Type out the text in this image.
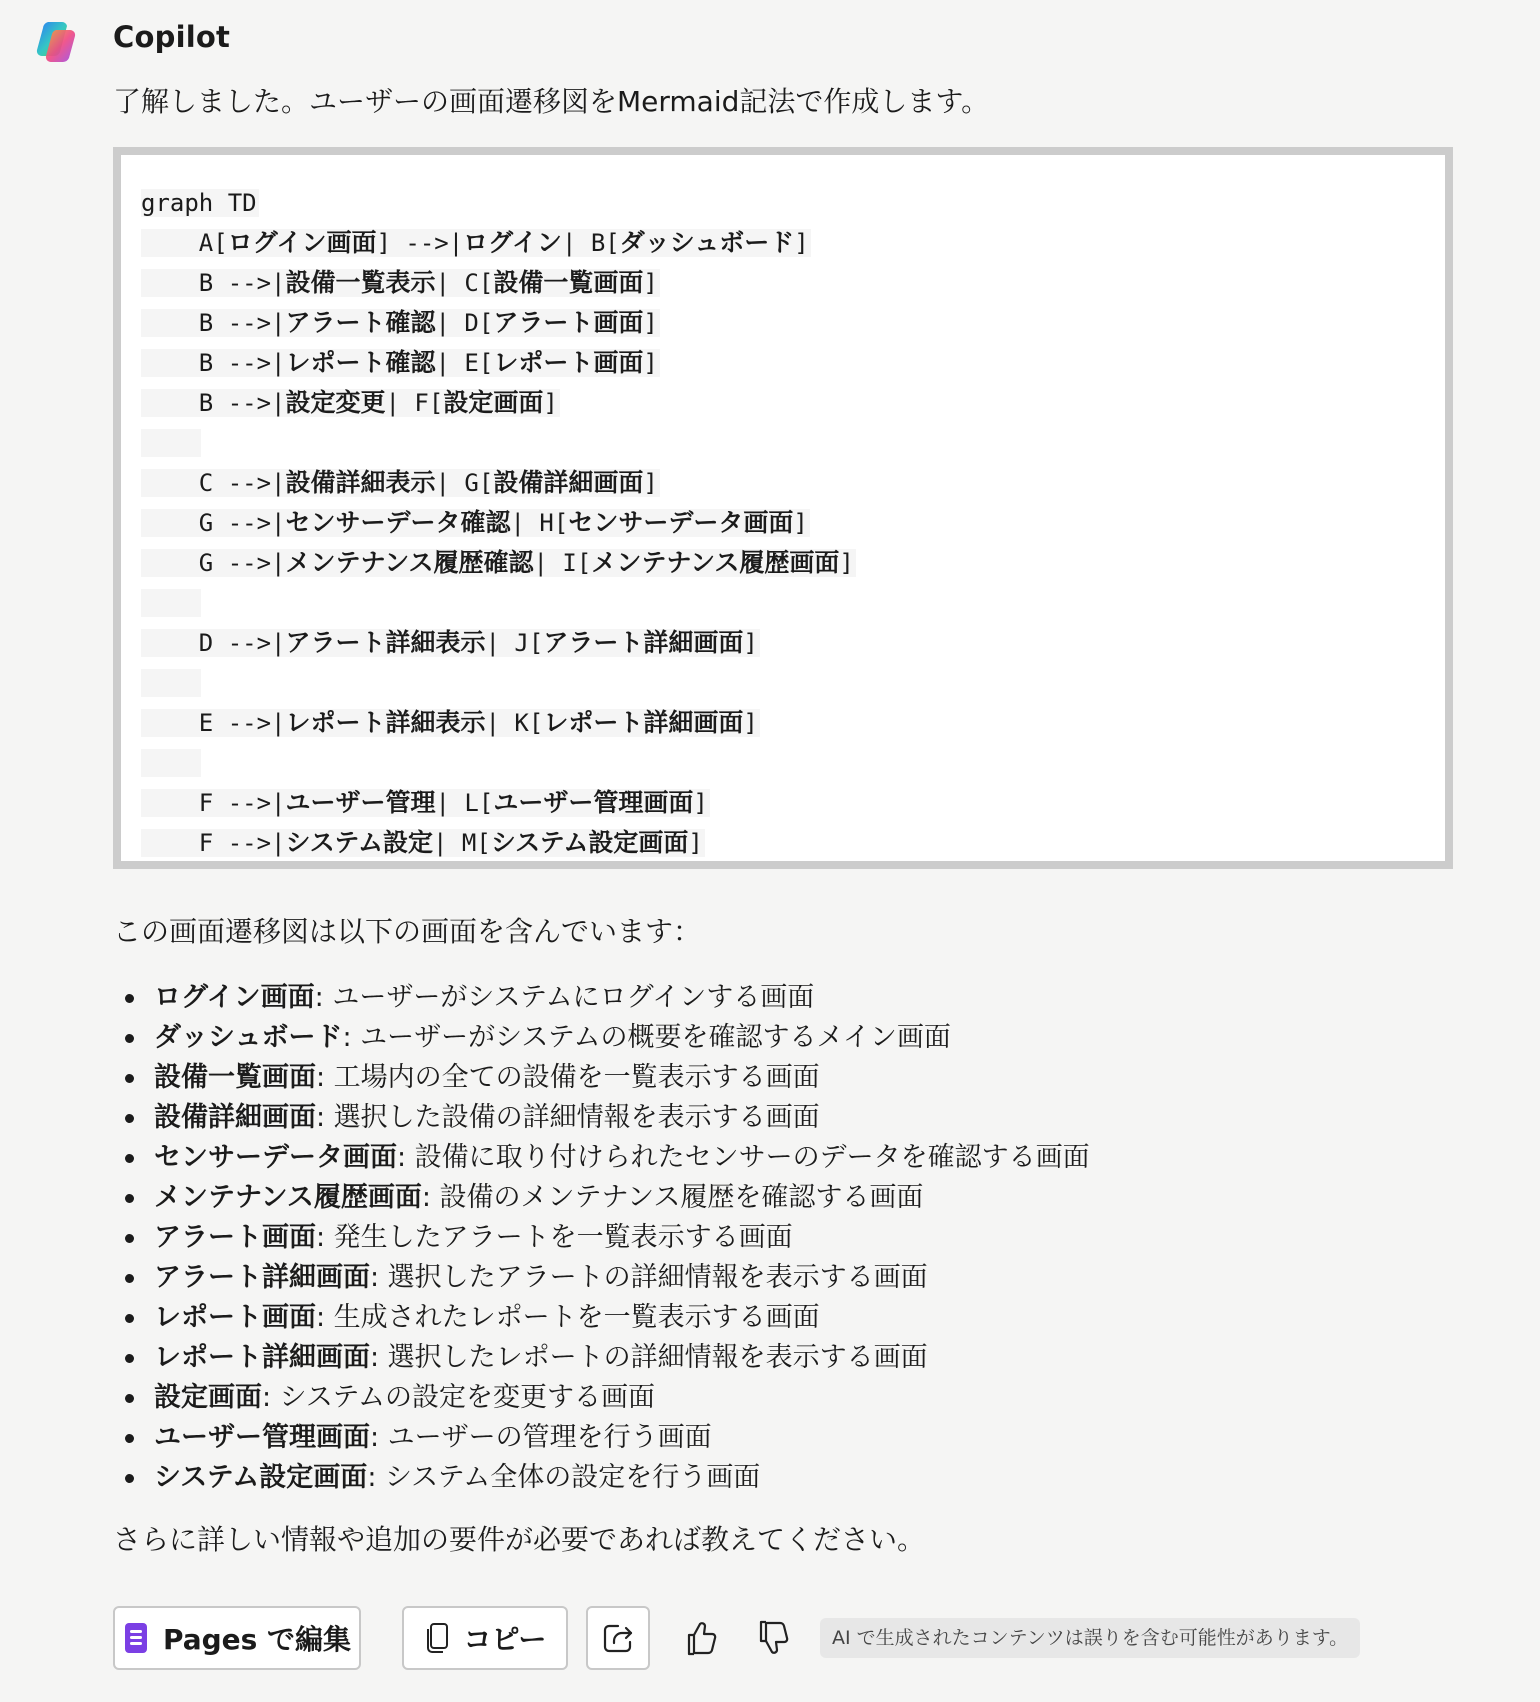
Copilot
了解しました。ユーザーの画面遷移図をMermaid記法で作成します。
graph TD
A[ログイン画面] -->|ログイン| B[ダッシュボード]
B -->|設備一覧表示| C[設備一覧画面]
B -->|アラート確認| D[アラート画面]
B -->|レポート確認| E[レポート画面]
B -->|設定変更| F[設定画面]

C -->|設備詳細表示| G[設備詳細画面]
G -->|センサーデータ確認| H[センサーデータ画面]
G -->|メンテナンス履歴確認| I[メンテナンス履歴画面]

D -->|アラート詳細表示| J[アラート詳細画面]

E -->|レポート詳細表示| K[レポート詳細画面]

F -->|ユーザー管理| L[ユーザー管理画面]
F -->|システム設定| M[システム設定画面]
この画面遷移図は以下の画面を含んでいます：
ログイン画面: ユーザーがシステムにログインする画面
ダッシュボード: ユーザーがシステムの概要を確認するメイン画面
設備一覧画面: 工場内の全ての設備を一覧表示する画面
設備詳細画面: 選択した設備の詳細情報を表示する画面
センサーデータ画面: 設備に取り付けられたセンサーのデータを確認する画面
メンテナンス履歴画面: 設備のメンテナンス履歴を確認する画面
アラート画面: 発生したアラートを一覧表示する画面
アラート詳細画面: 選択したアラートの詳細情報を表示する画面
レポート画面: 生成されたレポートを一覧表示する画面
レポート詳細画面: 選択したレポートの詳細情報を表示する画面
設定画面: システムの設定を変更する画面
ユーザー管理画面: ユーザーの管理を行う画面
システム設定画面: システム全体の設定を行う画面
さらに詳しい情報や追加の要件が必要であれば教えてください。
Pages で編集	コピー	AI で生成されたコンテンツは誤りを含む可能性があります。
